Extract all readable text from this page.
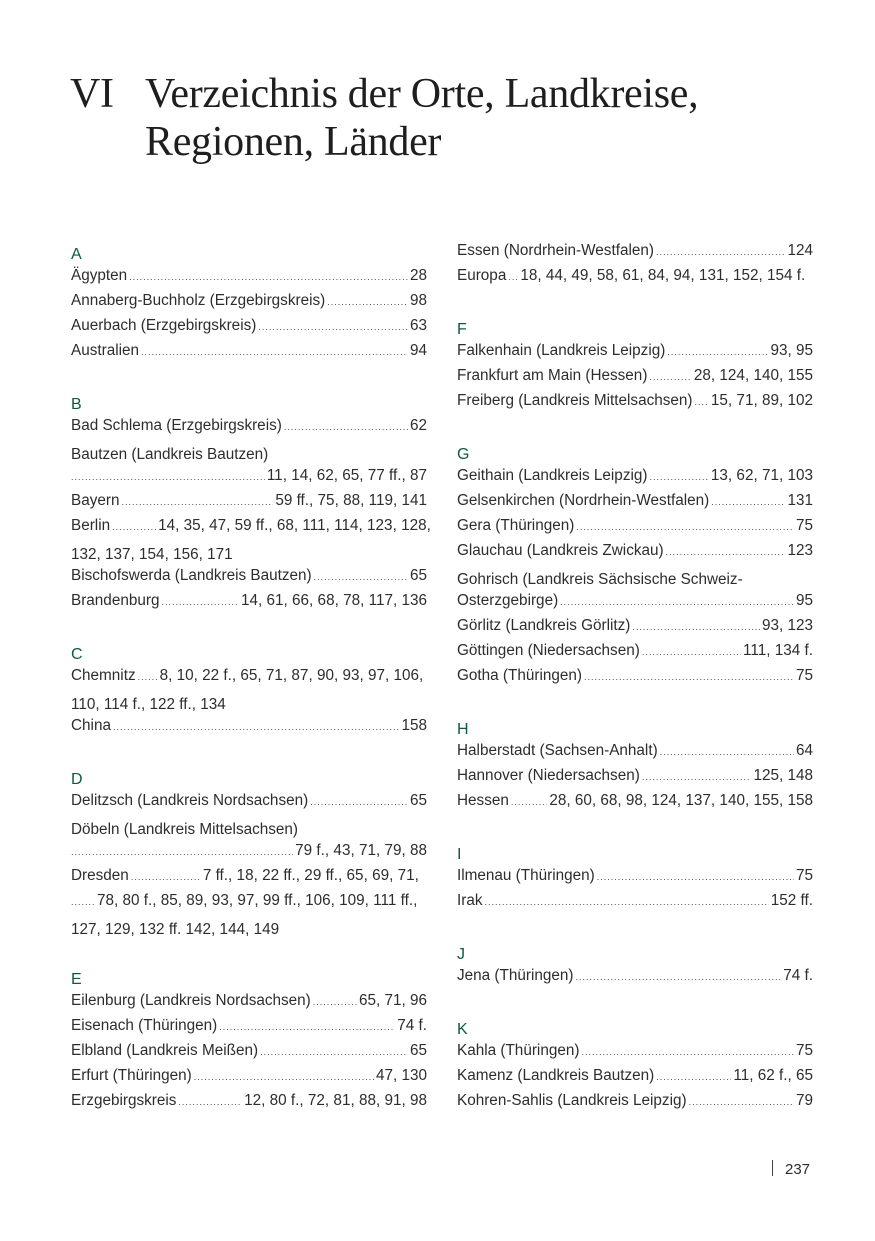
VI Verzeichnis der Orte, Landkreise,
Regionen, Länder
A
Ägypten .....	28
Annaberg-Buchholz (Erzgebirgskreis) .....	98
Auerbach (Erzgebirgskreis) .....	63
Australien .....	94
B
Bad Schlema (Erzgebirgskreis) .....	62
Bautzen (Landkreis Bautzen)
.....
11, 14, 62, 65, 77 ff., 87
Bayern .....	59 ff., 75, 88, 119, 141
Berlin .....	14, 35, 47, 59 ff., 68, 111, 114, 123, 128,
132, 137, 154, 156, 171
Bischofswerda (Landkreis Bautzen) .....	65
Brandenburg .....	14, 61, 66, 68, 78, 117, 136
C
Chemnitz ..... 8, 10, 22 f., 65, 71, 87, 90, 93, 97, 106,
110, 114 f., 122 ff., 134
China .....	158
D
Delitzsch (Landkreis Nordsachsen) .....	65
Döbeln (Landkreis Mittelsachsen)
.....
79 f., 43, 71, 79, 88
Dresden .....	7 ff., 18, 22 ff., 29 ff., 65, 69, 71,
.....
78, 80 f., 85, 89, 93, 97, 99 ff., 106, 109, 111 ff.,
127, 129, 132 ff. 142, 144, 149
E
Eilenburg (Landkreis Nordsachsen) .....	65, 71, 96
Eisenach (Thüringen) .....	74 f.
Elbland (Landkreis Meißen) .....	65
Erfurt (Thüringen) .....	47, 130
Erzgebirgskreis .....	12, 80 f., 72, 81, 88, 91, 98
Essen (Nordrhein-Westfalen) .....	124
Europa ..... 18, 44, 49, 58, 61, 84, 94, 131, 152, 154 f.
F
Falkenhain (Landkreis Leipzig) .....	93, 95
Frankfurt am Main (Hessen) .....	28, 124, 140, 155
Freiberg (Landkreis Mittelsachsen) ..... 15, 71, 89, 102
G
Geithain (Landkreis Leipzig) .....	13, 62, 71, 103
Gelsenkirchen (Nordrhein-Westfalen) .....	131
Gera (Thüringen) .....	75
Glauchau (Landkreis Zwickau) .....	123
Gohrisch (Landkreis Sächsische Schweiz-
Osterzgebirge) .....	95
Görlitz (Landkreis Görlitz) .....	93, 123
Göttingen (Niedersachsen) .....	111, 134 f.
Gotha (Thüringen) .....	75
H
Halberstadt (Sachsen-Anhalt) .....	64
Hannover (Niedersachsen) .....	125, 148
Hessen .....	28, 60, 68, 98, 124, 137, 140, 155, 158
I
Ilmenau (Thüringen) .....	75
Irak .....	152 ff.
J
Jena (Thüringen) .....	74 f.
K
Kahla (Thüringen) .....	75
Kamenz (Landkreis Bautzen) .....	11, 62 f., 65
Kohren-Sahlis (Landkreis Leipzig) .....	79
237
